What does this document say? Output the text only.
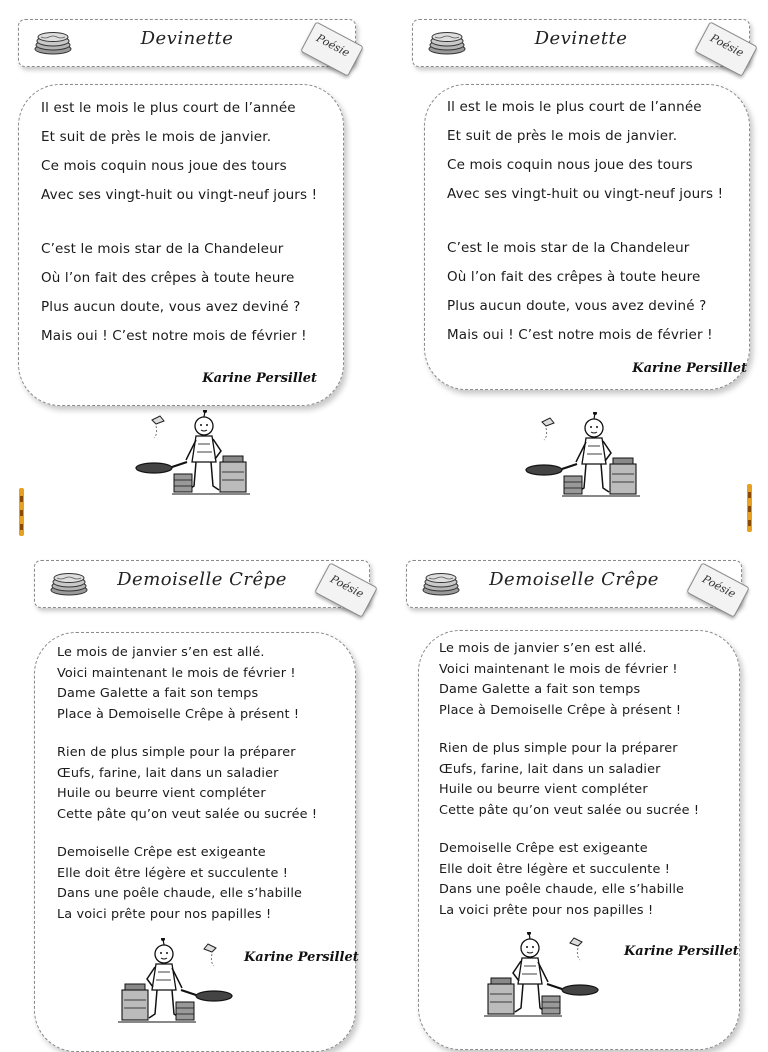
Devinette	Poésie
Il est le mois le plus court de l’année
Et suit de près le mois de janvier.
Ce mois coquin nous joue des tours
Avec ses vingt-huit ou vingt-neuf jours !
C’est le mois star de la Chandeleur
Où l’on fait des crêpes à toute heure
Plus aucun doute, vous avez deviné ?
Mais oui ! C’est notre mois de février !
Karine Persillet
Devinette	Poésie
Il est le mois le plus court de l’année
Et suit de près le mois de janvier.
Ce mois coquin nous joue des tours
Avec ses vingt-huit ou vingt-neuf jours !
C’est le mois star de la Chandeleur
Où l’on fait des crêpes à toute heure
Plus aucun doute, vous avez deviné ?
Mais oui ! C’est notre mois de février !
Karine Persillet
Demoiselle Crêpe	Poésie
Le mois de janvier s’en est allé.
Voici maintenant le mois de février !
Dame Galette a fait son temps
Place à Demoiselle Crêpe à présent !
Rien de plus simple pour la préparer
Œufs, farine, lait dans un saladier
Huile ou beurre vient compléter
Cette pâte qu’on veut salée ou sucrée !
Demoiselle Crêpe est exigeante
Elle doit être légère et succulente !
Dans une poêle chaude, elle s’habille
La voici prête pour nos papilles !
Karine Persillet
Demoiselle Crêpe	Poésie
Le mois de janvier s’en est allé.
Voici maintenant le mois de février !
Dame Galette a fait son temps
Place à Demoiselle Crêpe à présent !
Rien de plus simple pour la préparer
Œufs, farine, lait dans un saladier
Huile ou beurre vient compléter
Cette pâte qu’on veut salée ou sucrée !
Demoiselle Crêpe est exigeante
Elle doit être légère et succulente !
Dans une poêle chaude, elle s’habille
La voici prête pour nos papilles !
Karine Persillet
